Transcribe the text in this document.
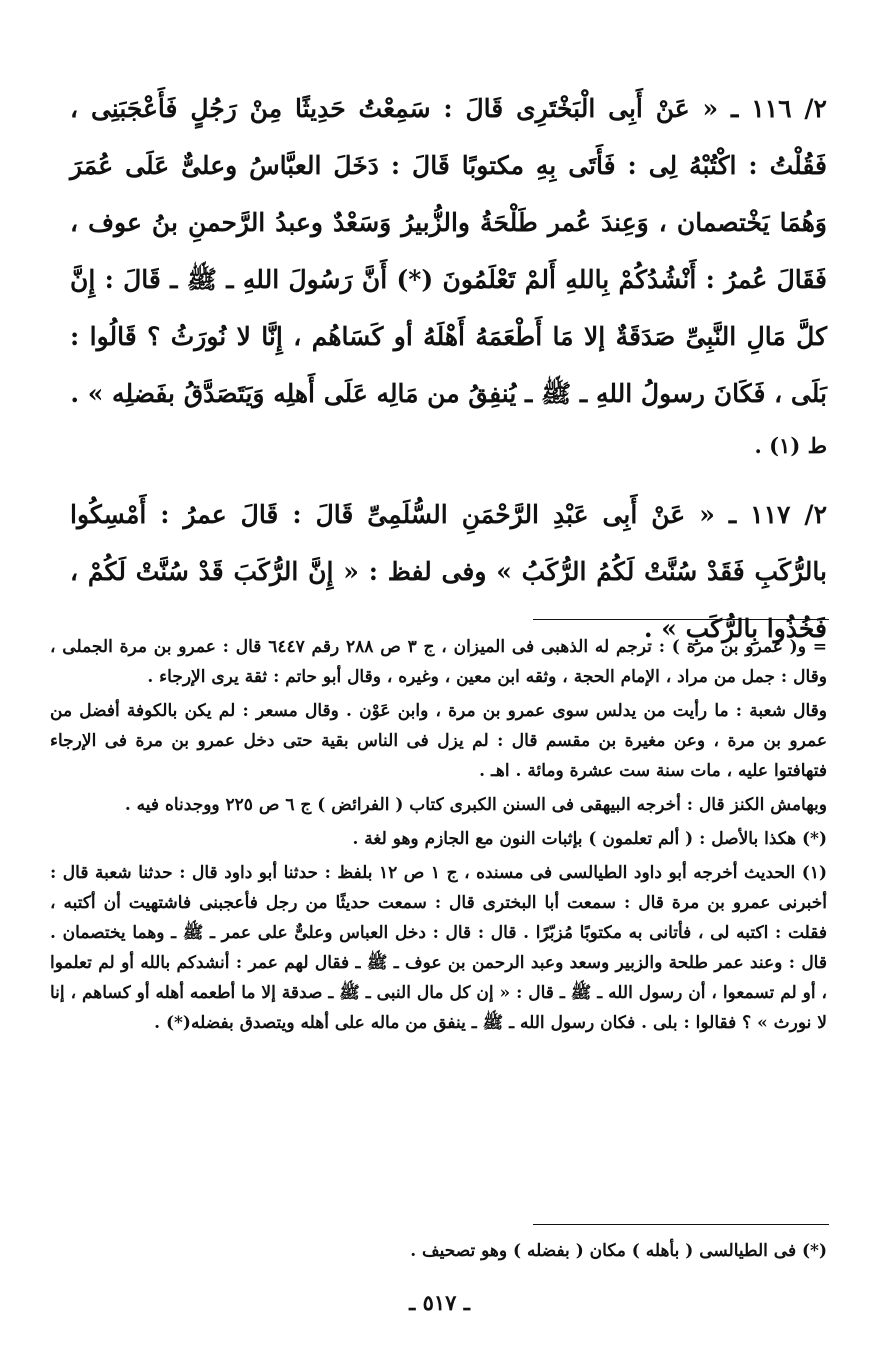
٢/ ١١٦ ـ « عَنْ أَبِى الْبَخْتَرِى قَالَ : سَمِعْتُ حَدِيثًا مِنْ رَجُلٍ فَأَعْجَبَنِى ، فَقُلْتُ : اكْتُبْهُ لِى : فَأَتَى بِهِ مكتوبًا قَالَ : دَخَلَ العبَّاسُ وعلىٌّ عَلَى عُمَرَ وَهُمَا يَخْتصمان ، وَعِندَ عُمر طَلْحَةُ والزُّبيرُ وَسَعْدٌ وعبدُ الرَّحمنِ بنُ عوف ، فَقَالَ عُمرُ : أَنْشُدُكُمْ بِاللهِ أَلمْ تَعْلَمُونَ (*) أَنَّ رَسُولَ اللهِ ـ ﷺ ـ قَالَ : إِنَّ كلَّ مَالِ النَّبِىِّ صَدَقَةٌ إلا مَا أَطْعَمَهُ أَهْلَهُ أو كَسَاهُم ، إِنَّا لا نُورَثُ ؟ قَالُوا : بَلَى ، فَكَانَ رسولُ اللهِ ـ ﷺ ـ يُنفِقُ من مَالِه عَلَى أَهلِه وَيَتَصَدَّقُ بفَضلِه » .

ط (١) .

٢/ ١١٧ ـ « عَنْ أَبِى عَبْدِ الرَّحْمَنِ السُّلَمِىِّ قَالَ : قَالَ عمرُ : أَمْسِكُوا بالرُّكَبِ فَقَدْ سُنَّتْ لَكُمُ الرُّكَبُ » وفى لفظ : « إِنَّ الرُّكَبَ قَدْ سُنَّتْ لَكُمْ ، فَخُذُوا بِالرُّكَبِ » .

= و( عمرو بن مرة ) : ترجم له الذهبى فى الميزان ، ج ٣ ص ٢٨٨ رقم ٦٤٤٧ قال : عمرو بن مرة الجملى ، وقال : جمل من مراد ، الإمام الحجة ، وثقه ابن معين ، وغيره ، وقال أبو حاتم : ثقة يرى الإرجاء .

وقال شعبة : ما رأيت من يدلس سوى عمرو بن مرة ، وابن عَوْن . وقال مسعر : لم يكن بالكوفة أفضل من عمرو بن مرة ، وعن مغيرة بن مقسم قال : لم يزل فى الناس بقية حتى دخل عمرو بن مرة فى الإرجاء فتهافتوا عليه ، مات سنة ست عشرة ومائة . اهـ .

وبهامش الكنز قال : أخرجه البيهقى فى السنن الكبرى كتاب ( الفرائض ) ج ٦ ص ٢٢٥ ووجدناه فيه .

(*) هكذا بالأصل : ( ألم تعلمون ) بإثبات النون مع الجازم وهو لغة .

(١) الحديث أخرجه أبو داود الطيالسى فى مسنده ، ج ١ ص ١٢ بلفظ : حدثنا أبو داود قال : حدثنا شعبة قال : أخبرنى عمرو بن مرة قال : سمعت أبا البخترى قال : سمعت حديثًا من رجل فأعجبنى فاشتهيت أن أكتبه ، فقلت : اكتبه لى ، فأتانى به مكتوبًا مُزبّرًا . قال : قال : دخل العباس وعلىٌّ على عمر ـ ﷺ ـ وهما يختصمان . قال : وعند عمر طلحة والزبير وسعد وعبد الرحمن بن عوف ـ ﷺ ـ فقال لهم عمر : أنشدكم بالله أو لم تعلموا ، أو لم تسمعوا ، أن رسول الله ـ ﷺ ـ قال : « إن كل مال النبى ـ ﷺ ـ صدقة إلا ما أطعمه أهله أو كساهم ، إنا لا نورث » ؟ فقالوا : بلى . فكان رسول الله ـ ﷺ ـ ينفق من ماله على أهله ويتصدق بفضله(*) .

(*) فى الطيالسى ( بأهله ) مكان ( بفضله ) وهو تصحيف .

ـ ٥١٧ ـ
